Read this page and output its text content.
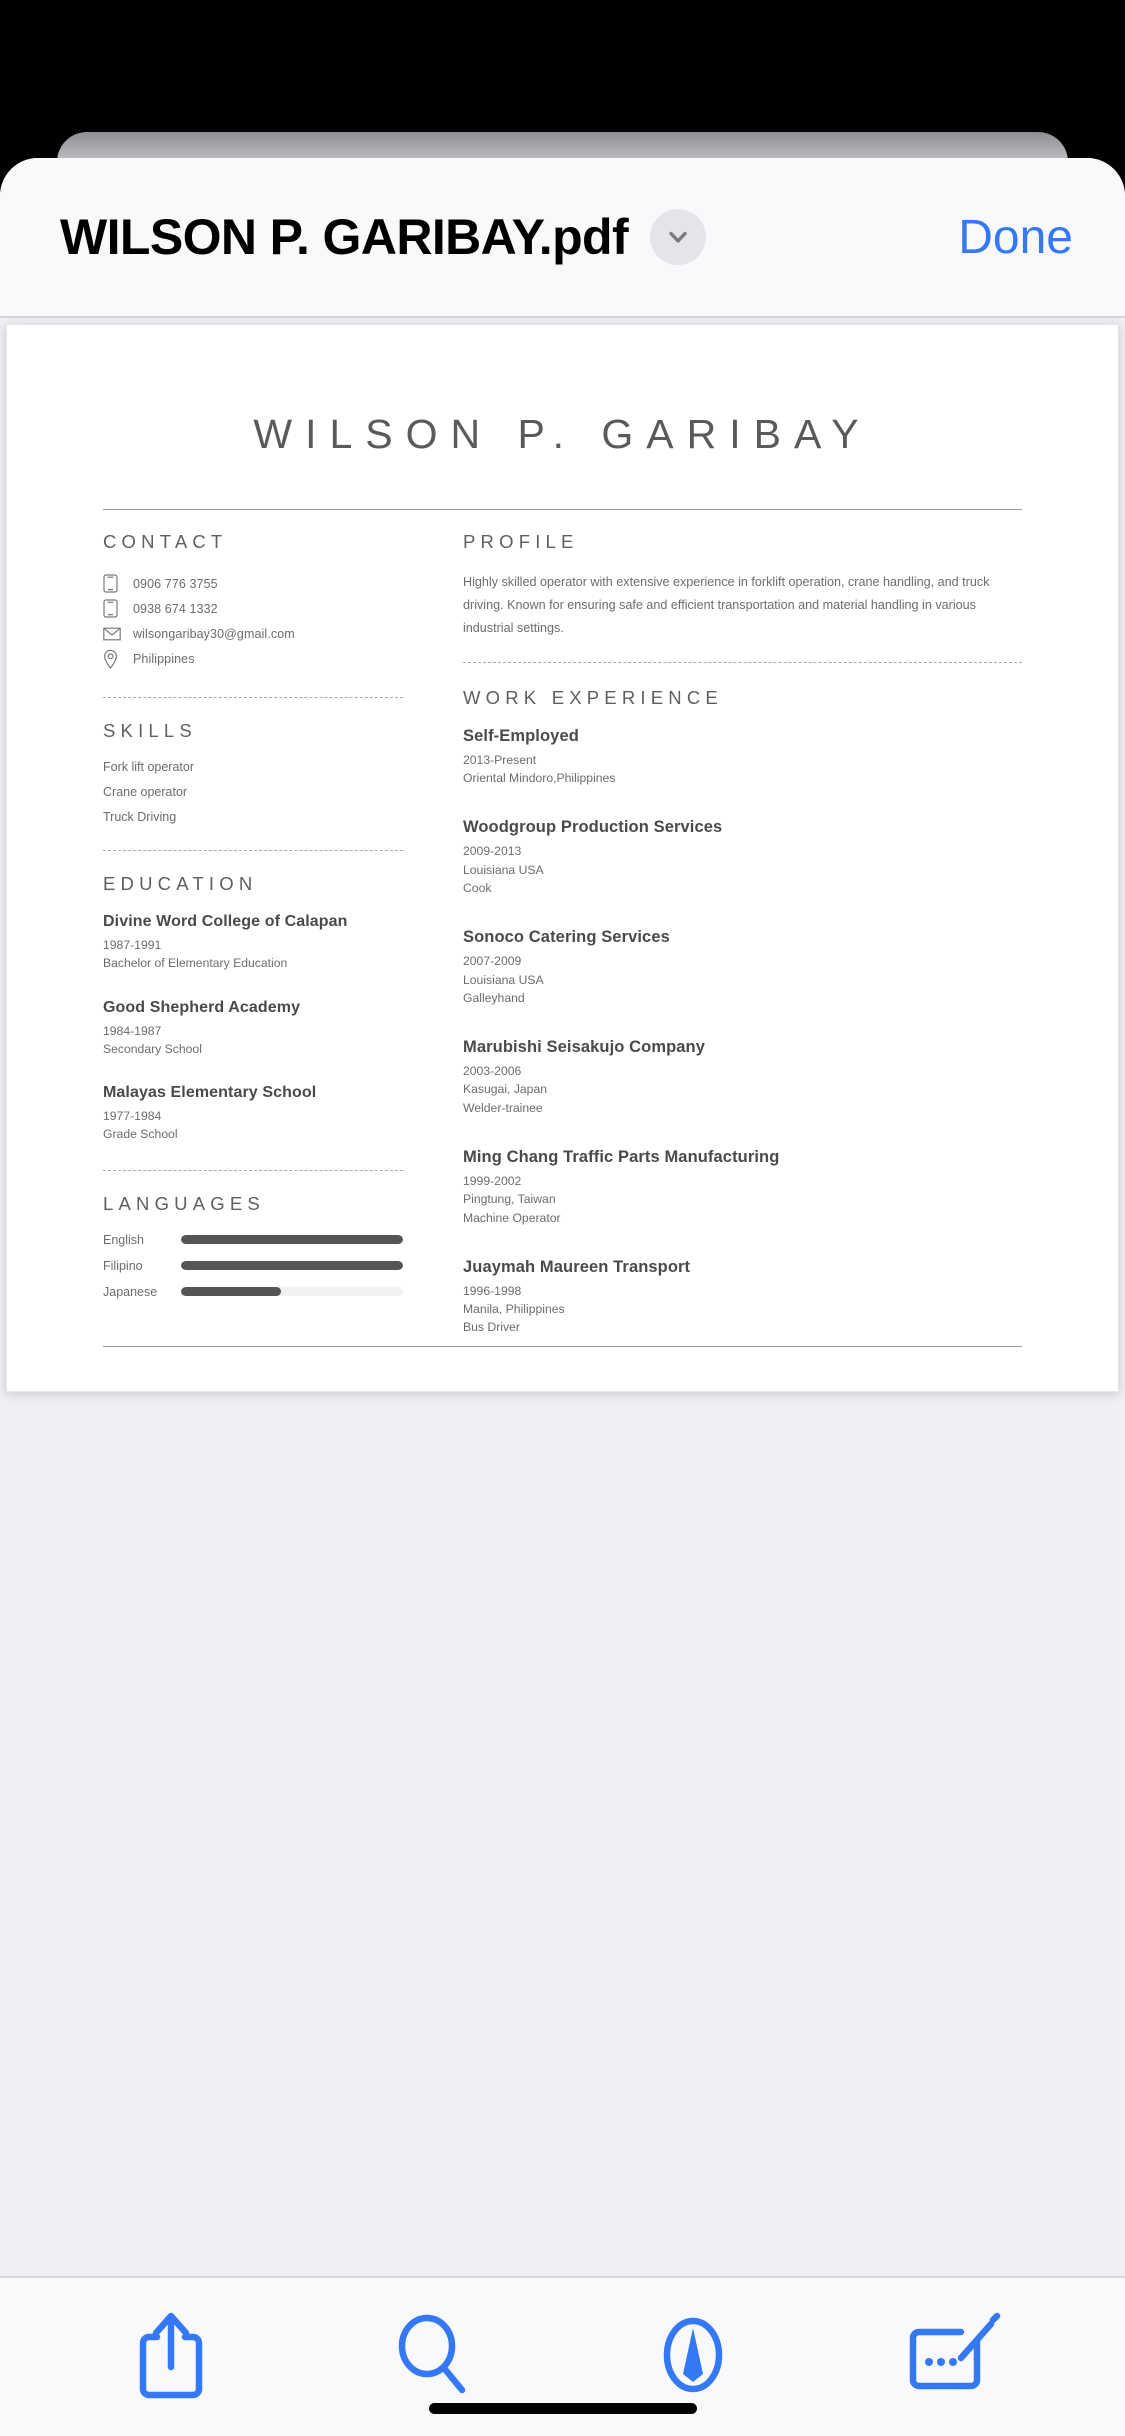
WILSON P. GARIBAY.pdf	Done
WILSON P. GARIBAY
CONTACT
0906 776 3755
0938 674 1332
wilsongaribay30@gmail.com
Philippines
SKILLS
Fork lift operator
Crane operator
Truck Driving
EDUCATION
Divine Word College of Calapan
1987-1991
Bachelor of Elementary Education
Good Shepherd Academy
1984-1987
Secondary School
Malayas Elementary School
1977-1984
Grade School
LANGUAGES
English
Filipino
Japanese
PROFILE
Highly skilled operator with extensive experience in forklift operation, crane handling, and truck driving. Known for ensuring safe and efficient transportation and material handling in various industrial settings.
WORK EXPERIENCE
Self-Employed
2013-Present
Oriental Mindoro,Philippines
Woodgroup Production Services
2009-2013
Louisiana USA
Cook
Sonoco Catering Services
2007-2009
Louisiana USA
Galleyhand
Marubishi Seisakujo Company
2003-2006
Kasugai, Japan
Welder-trainee
Ming Chang Traffic Parts Manufacturing
1999-2002
Pingtung, Taiwan
Machine Operator
Juaymah Maureen Transport
1996-1998
Manila, Philippines
Bus Driver
